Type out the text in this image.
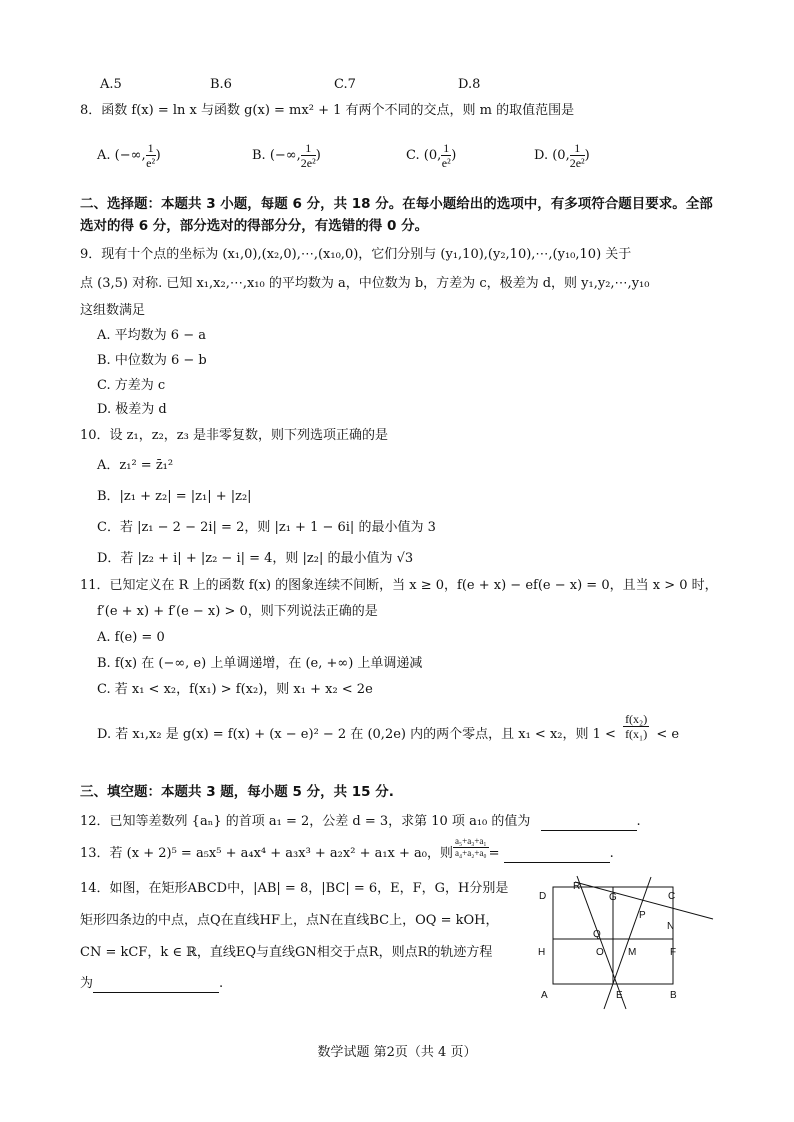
A.5	B.6	C.7	D.8
8．函数 f(x) = ln x 与函数 g(x) = mx² + 1 有两个不同的交点，则 m 的取值范围是
A. (−∞, $\frac{1}{\text{e²}}$ )	B. (−∞, $\frac{1}{\text{2e²}}$ )	C. (0, $\frac{1}{\text{e²}}$ )	D. (0, $\frac{1}{\text{2e²}}$ )
二、选择题：本题共 3 小题，每题 6 分，共 18 分。在每小题给出的选项中，有多项符合题目要求。全部
选对的得 6 分，部分选对的得部分分，有选错的得 0 分。
9．现有十个点的坐标为 (x₁,0),(x₂,0),⋯,(x₁₀,0)，它们分别与 (y₁,10),(y₂,10),⋯,(y₁₀,10) 关于
点 (3,5) 对称. 已知 x₁,x₂,⋯,x₁₀ 的平均数为 a，中位数为 b，方差为 c，极差为 d，则 y₁,y₂,⋯,y₁₀
这组数满足
A. 平均数为 6 − a
B. 中位数为 6 − b
C. 方差为 c
D. 极差为 d
10．设 z₁，z₂，z₃ 是非零复数，则下列选项正确的是
A．z₁² = z̄₁²
B．|z₁ + z₂| = |z₁| + |z₂|
C．若 |z₁ − 2 − 2i| = 2，则 |z₁ + 1 − 6i| 的最小值为 3
D．若 |z₂ + i| + |z₂ − i| = 4，则 |z₂| 的最小值为 √3
11．已知定义在 R 上的函数 f(x) 的图象连续不间断，当 x ≥ 0，f(e + x) − ef(e − x) = 0，且当 x > 0 时，
f′(e + x) + f′(e − x) > 0，则下列说法正确的是
A. f(e) = 0
B. f(x) 在 (−∞, e) 上单调递增，在 (e, +∞) 上单调递减
C. 若 x₁ < x₂，f(x₁) > f(x₂)，则 x₁ + x₂ < 2e
D. 若 x₁,x₂ 是 g(x) = f(x) + (x − e)² − 2 在 (0,2e) 内的两个零点，且 x₁ < x₂，则 $1 < \frac{\text{f(x₂)}}{\text{f(x₁)}} < e$
三、填空题：本题共 3 题，每小题 5 分，共 15 分.
12．已知等差数列 {aₙ} 的首项 a₁ = 2，公差 d = 3，求第 10 项 a₁₀ 的值为	.
13．若 (x + 2)⁵ = a₅x⁵ + a₄x⁴ + a₃x³ + a₂x² + a₁x + a₀，则 $\frac{\text{a₅+a₃+a₁}}{\text{a₄+a₂+a₀}}$ =	.
14．如图，在矩形ABCD中，|AB| = 8，|BC| = 6，E，F，G，H分别是
矩形四条边的中点，点Q在直线HF上，点N在直线BC上，OQ = kOH，
CN = kCF，k ∈ ℝ，直线EQ与直线GN相交于点R，则点R的轨迹方程
为	.
D
R
G	C
P
N
Q
H	O M	F
A	E	B
数学试题 第2页（共 4 页）
